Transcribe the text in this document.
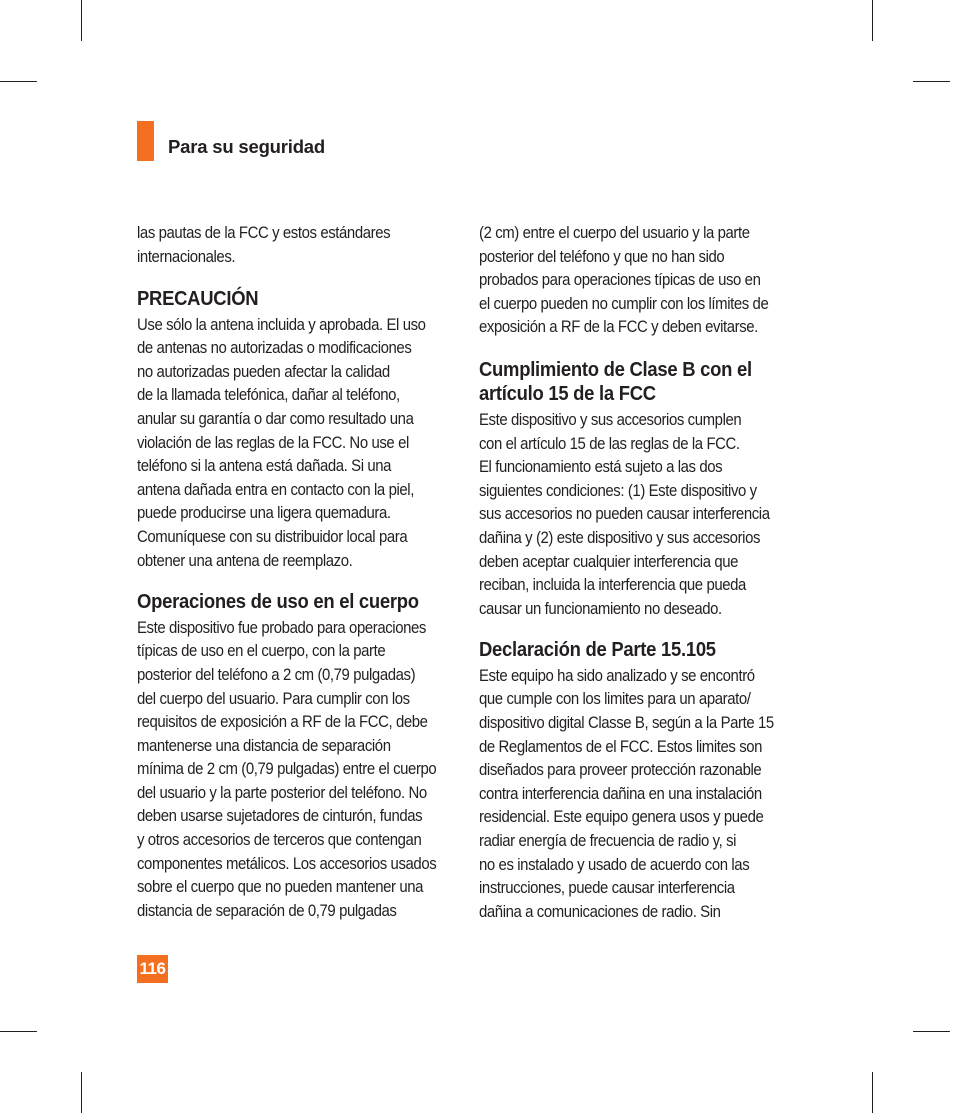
Para su seguridad

las pautas de la FCC y estos estándares
internacionales.

PRECAUCIÓN

Use sólo la antena incluida y aprobada. El uso
de antenas no autorizadas o modificaciones
no autorizadas pueden afectar la calidad
de la llamada telefónica, dañar al teléfono,
anular su garantía o dar como resultado una
violación de las reglas de la FCC. No use el
teléfono si la antena está dañada. Si una
antena dañada entra en contacto con la piel,
puede producirse una ligera quemadura.
Comuníquese con su distribuidor local para
obtener una antena de reemplazo.

Operaciones de uso en el cuerpo

Este dispositivo fue probado para operaciones
típicas de uso en el cuerpo, con la parte
posterior del teléfono a 2 cm (0,79 pulgadas)
del cuerpo del usuario. Para cumplir con los
requisitos de exposición a RF de la FCC, debe
mantenerse una distancia de separación
mínima de 2 cm (0,79 pulgadas) entre el cuerpo
del usuario y la parte posterior del teléfono. No
deben usarse sujetadores de cinturón, fundas
y otros accesorios de terceros que contengan
componentes metálicos. Los accesorios usados
sobre el cuerpo que no pueden mantener una
distancia de separación de 0,79 pulgadas

(2 cm) entre el cuerpo del usuario y la parte
posterior del teléfono y que no han sido
probados para operaciones típicas de uso en
el cuerpo pueden no cumplir con los límites de
exposición a RF de la FCC y deben evitarse.

Cumplimiento de Clase B con el
artículo 15 de la FCC

Este dispositivo y sus accesorios cumplen
con el artículo 15 de las reglas de la FCC.
El funcionamiento está sujeto a las dos
siguientes condiciones: (1) Este dispositivo y
sus accesorios no pueden causar interferencia
dañina y (2) este dispositivo y sus accesorios
deben aceptar cualquier interferencia que
reciban, incluida la interferencia que pueda
causar un funcionamiento no deseado.

Declaración de Parte 15.105

Este equipo ha sido analizado y se encontró
que cumple con los limites para un aparato/
dispositivo digital Classe B, según a la Parte 15
de Reglamentos de el FCC. Estos limites son
diseñados para proveer protección razonable
contra interferencia dañina en una instalación
residencial. Este equipo genera usos y puede
radiar energía de frecuencia de radio y, si
no es instalado y usado de acuerdo con las
instrucciones, puede causar interferencia
dañina a comunicaciones de radio. Sin

116
